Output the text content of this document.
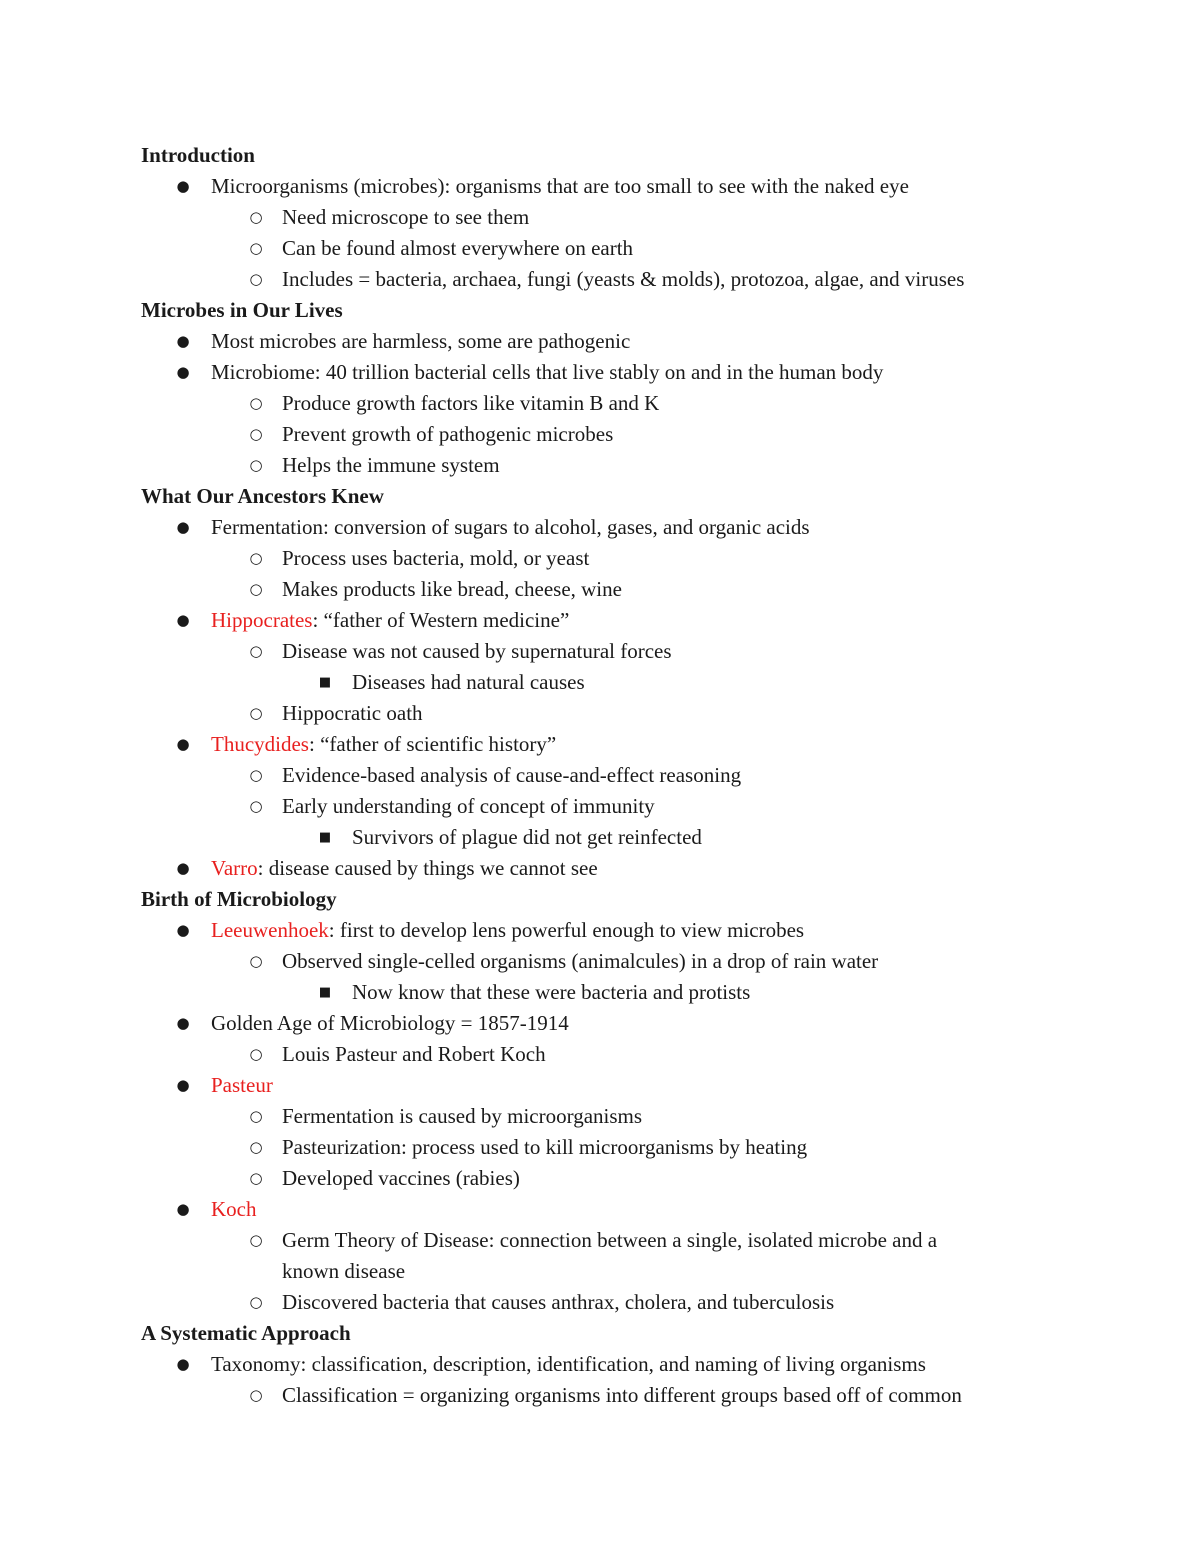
Introduction
● Microorganisms (microbes): organisms that are too small to see with the naked eye
○ Need microscope to see them
○ Can be found almost everywhere on earth
○ Includes = bacteria, archaea, fungi (yeasts & molds), protozoa, algae, and viruses
Microbes in Our Lives
● Most microbes are harmless, some are pathogenic
● Microbiome: 40 trillion bacterial cells that live stably on and in the human body
○ Produce growth factors like vitamin B and K
○ Prevent growth of pathogenic microbes
○ Helps the immune system
What Our Ancestors Knew
● Fermentation: conversion of sugars to alcohol, gases, and organic acids
○ Process uses bacteria, mold, or yeast
○ Makes products like bread, cheese, wine
● Hippocrates: “father of Western medicine”
○ Disease was not caused by supernatural forces
■ Diseases had natural causes
○ Hippocratic oath
● Thucydides: “father of scientific history”
○ Evidence-based analysis of cause-and-effect reasoning
○ Early understanding of concept of immunity
■ Survivors of plague did not get reinfected
● Varro: disease caused by things we cannot see
Birth of Microbiology
● Leeuwenhoek: first to develop lens powerful enough to view microbes
○ Observed single-celled organisms (animalcules) in a drop of rain water
■ Now know that these were bacteria and protists
● Golden Age of Microbiology = 1857-1914
○ Louis Pasteur and Robert Koch
● Pasteur
○ Fermentation is caused by microorganisms
○ Pasteurization: process used to kill microorganisms by heating
○ Developed vaccines (rabies)
● Koch
○ Germ Theory of Disease: connection between a single, isolated microbe and a
known disease
○ Discovered bacteria that causes anthrax, cholera, and tuberculosis
A Systematic Approach
● Taxonomy: classification, description, identification, and naming of living organisms
○ Classification = organizing organisms into different groups based off of common
